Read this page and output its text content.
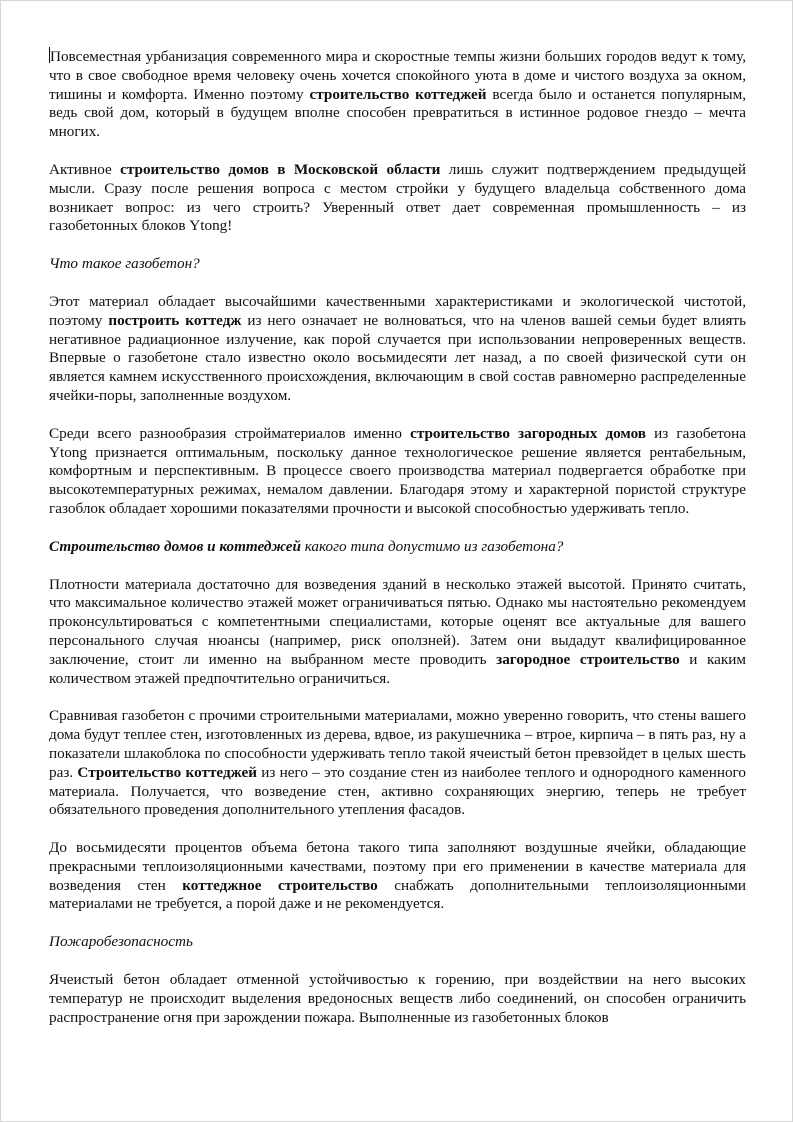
Повсеместная урбанизация современного мира и скоростные темпы жизни больших городов ведут к тому, что в свое свободное время человеку очень хочется спокойного уюта в доме и чистого воздуха за окном, тишины и комфорта. Именно поэтому строительство коттеджей всегда было и останется популярным, ведь свой дом, который в будущем вполне способен превратиться в истинное родовое гнездо – мечта многих.

Активное строительство домов в Московской области лишь служит подтверждением предыдущей мысли. Сразу после решения вопроса с местом стройки у будущего владельца собственного дома возникает вопрос: из чего строить? Уверенный ответ дает современная промышленность – из газобетонных блоков Ytong!

Что такое газобетон?

Этот материал обладает высочайшими качественными характеристиками и экологической чистотой, поэтому построить коттедж из него означает не волноваться, что на членов вашей семьи будет влиять негативное радиационное излучение, как порой случается при использовании непроверенных веществ. Впервые о газобетоне стало известно около восьмидесяти лет назад, а по своей физической сути он является камнем искусственного происхождения, включающим в свой состав равномерно распределенные ячейки-поры, заполненные воздухом.

Среди всего разнообразия стройматериалов именно строительство загородных домов из газобетона Ytong признается оптимальным, поскольку данное технологическое решение является рентабельным, комфортным и перспективным. В процессе своего производства материал подвергается обработке при высокотемпературных режимах, немалом давлении. Благодаря этому и характерной пористой структуре газоблок обладает хорошими показателями прочности и высокой способностью удерживать тепло.

Строительство домов и коттеджей какого типа допустимо из газобетона?

Плотности материала достаточно для возведения зданий в несколько этажей высотой. Принято считать, что максимальное количество этажей может ограничиваться пятью. Однако мы настоятельно рекомендуем проконсультироваться с компетентными специалистами, которые оценят все актуальные для вашего персонального случая нюансы (например, риск оползней). Затем они выдадут квалифицированное заключение, стоит ли именно на выбранном месте проводить загородное строительство и каким количеством этажей предпочтительно ограничиться.

Сравнивая газобетон с прочими строительными материалами, можно уверенно говорить, что стены вашего дома будут теплее стен, изготовленных из дерева, вдвое, из ракушечника – втрое, кирпича – в пять раз, ну а показатели шлакоблока по способности удерживать тепло такой ячеистый бетон превзойдет в целых шесть раз. Строительство коттеджей из него – это создание стен из наиболее теплого и однородного каменного материала. Получается, что возведение стен, активно сохраняющих энергию, теперь не требует обязательного проведения дополнительного утепления фасадов.

До восьмидесяти процентов объема бетона такого типа заполняют воздушные ячейки, обладающие прекрасными теплоизоляционными качествами, поэтому при его применении в качестве материала для возведения стен коттеджное строительство снабжать дополнительными теплоизоляционными материалами не требуется, а порой даже и не рекомендуется.

Пожаробезопасность

Ячеистый бетон обладает отменной устойчивостью к горению, при воздействии на него высоких температур не происходит выделения вредоносных веществ либо соединений, он способен ограничить распространение огня при зарождении пожара. Выполненные из газобетонных блоков
